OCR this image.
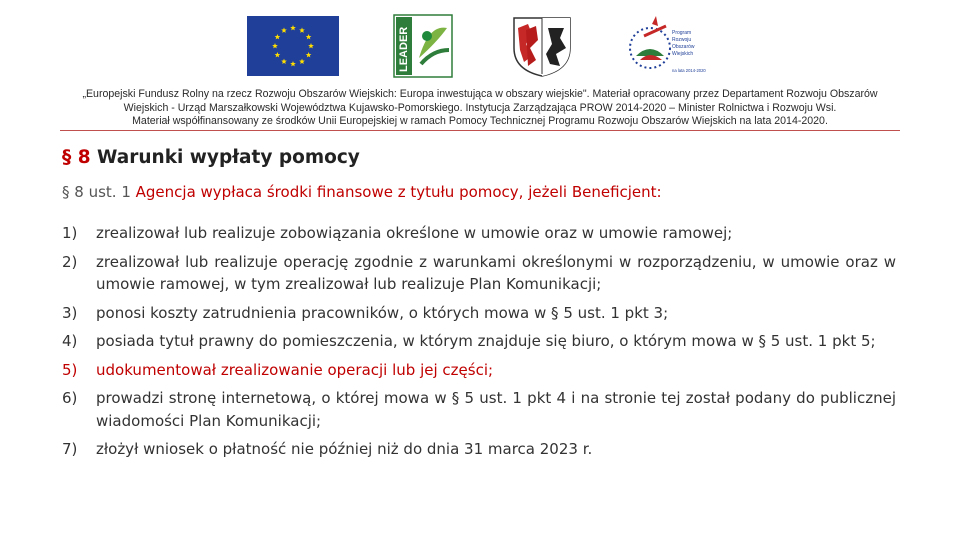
LEADER	Program
Rozwoju
Obszarów
Wiejskich
na lata 2014-2020
„Europejski Fundusz Rolny na rzecz Rozwoju Obszarów Wiejskich: Europa inwestująca w obszary wiejskie". Materiał opracowany przez Departament Rozwoju Obszarów
Wiejskich - Urząd Marszałkowski Województwa Kujawsko-Pomorskiego. Instytucja Zarządzająca PROW 2014-2020 – Minister Rolnictwa i Rozwoju Wsi.
Materiał współfinansowany ze środków Unii Europejskiej w ramach Pomocy Technicznej Programu Rozwoju Obszarów Wiejskich na lata 2014-2020.
§ 8 Warunki wypłaty pomocy
§ 8 ust. 1 Agencja wypłaca środki finansowe z tytułu pomocy, jeżeli Beneficjent:
1)	zrealizował lub realizuje zobowiązania określone w umowie oraz w umowie ramowej;
2)	zrealizował lub realizuje operację zgodnie z warunkami określonymi w rozporządzeniu, w umowie oraz w umowie ramowej, w tym zrealizował lub realizuje Plan Komunikacji;
3)	ponosi koszty zatrudnienia pracowników, o których mowa w § 5 ust. 1 pkt 3;
4)	posiada tytuł prawny do pomieszczenia, w którym znajduje się biuro, o którym mowa w § 5 ust. 1 pkt 5;
5)	udokumentował zrealizowanie operacji lub jej części;
6)	prowadzi stronę internetową, o której mowa w § 5 ust. 1 pkt 4 i na stronie tej został podany do publicznej wiadomości Plan Komunikacji;
7)	złożył wniosek o płatność nie później niż do dnia 31 marca 2023 r.
